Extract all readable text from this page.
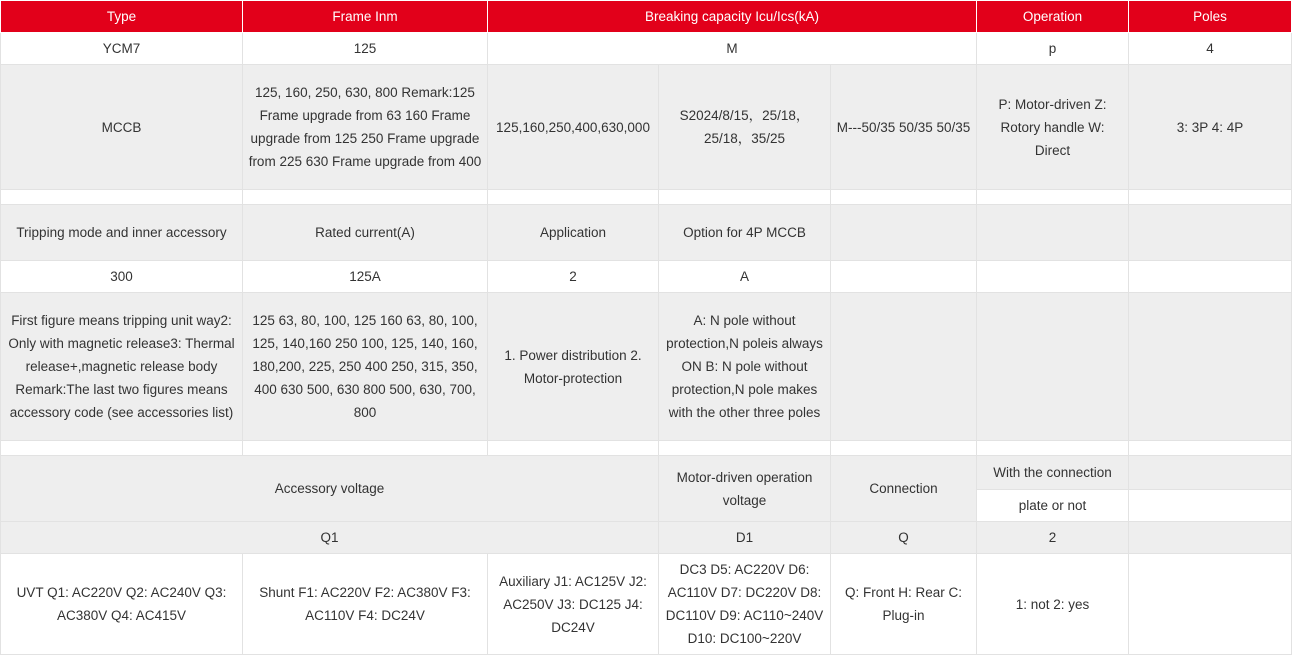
Type	Frame Inm	Breaking capacity Icu/Ics(kA)			Operation	Poles
YCM7	125	M			p	4
MCCB	125, 160, 250, 630, 800 Remark:125 Frame upgrade from 63 160 Frame upgrade from 125 250 Frame upgrade from 225 630 Frame upgrade from 400	125,160,250,400,630,000	S2024/8/15，25/18，25/18，35/25	M---50/35 50/35 50/35	P: Motor-driven Z: Rotory handle W: Direct	3: 3P 4: 4P

Tripping mode and inner accessory	Rated current(A)	Application	Option for 4P MCCB			
300	125A	2	A			
First figure means tripping unit way2: Only with magnetic release3: Thermal release+,magnetic release body Remark:The last two figures means accessory code (see accessories list)	125 63, 80, 100, 125 160 63, 80, 100, 125, 140,160 250 100, 125, 140, 160, 180,200, 225, 250 400 250, 315, 350, 400 630 500, 630 800 500, 630, 700, 800	1. Power distribution 2. Motor-protection	A: N pole without protection,N poleis always ON B: N pole without protection,N pole makes with the other three poles			

Accessory voltage			Motor-driven operation voltage	Connection	With the connection	
					plate or not	
Q1			D1	Q	2	
UVT Q1: AC220V Q2: AC240V Q3: AC380V Q4: AC415V	Shunt F1: AC220V F2: AC380V F3: AC110V F4: DC24V	Auxiliary J1: AC125V J2: AC250V J3: DC125 J4: DC24V	DC3 D5: AC220V D6: AC110V D7: DC220V D8: DC110V D9: AC110~240V D10: DC100~220V	Q: Front H: Rear C: Plug-in	1: not 2: yes	
